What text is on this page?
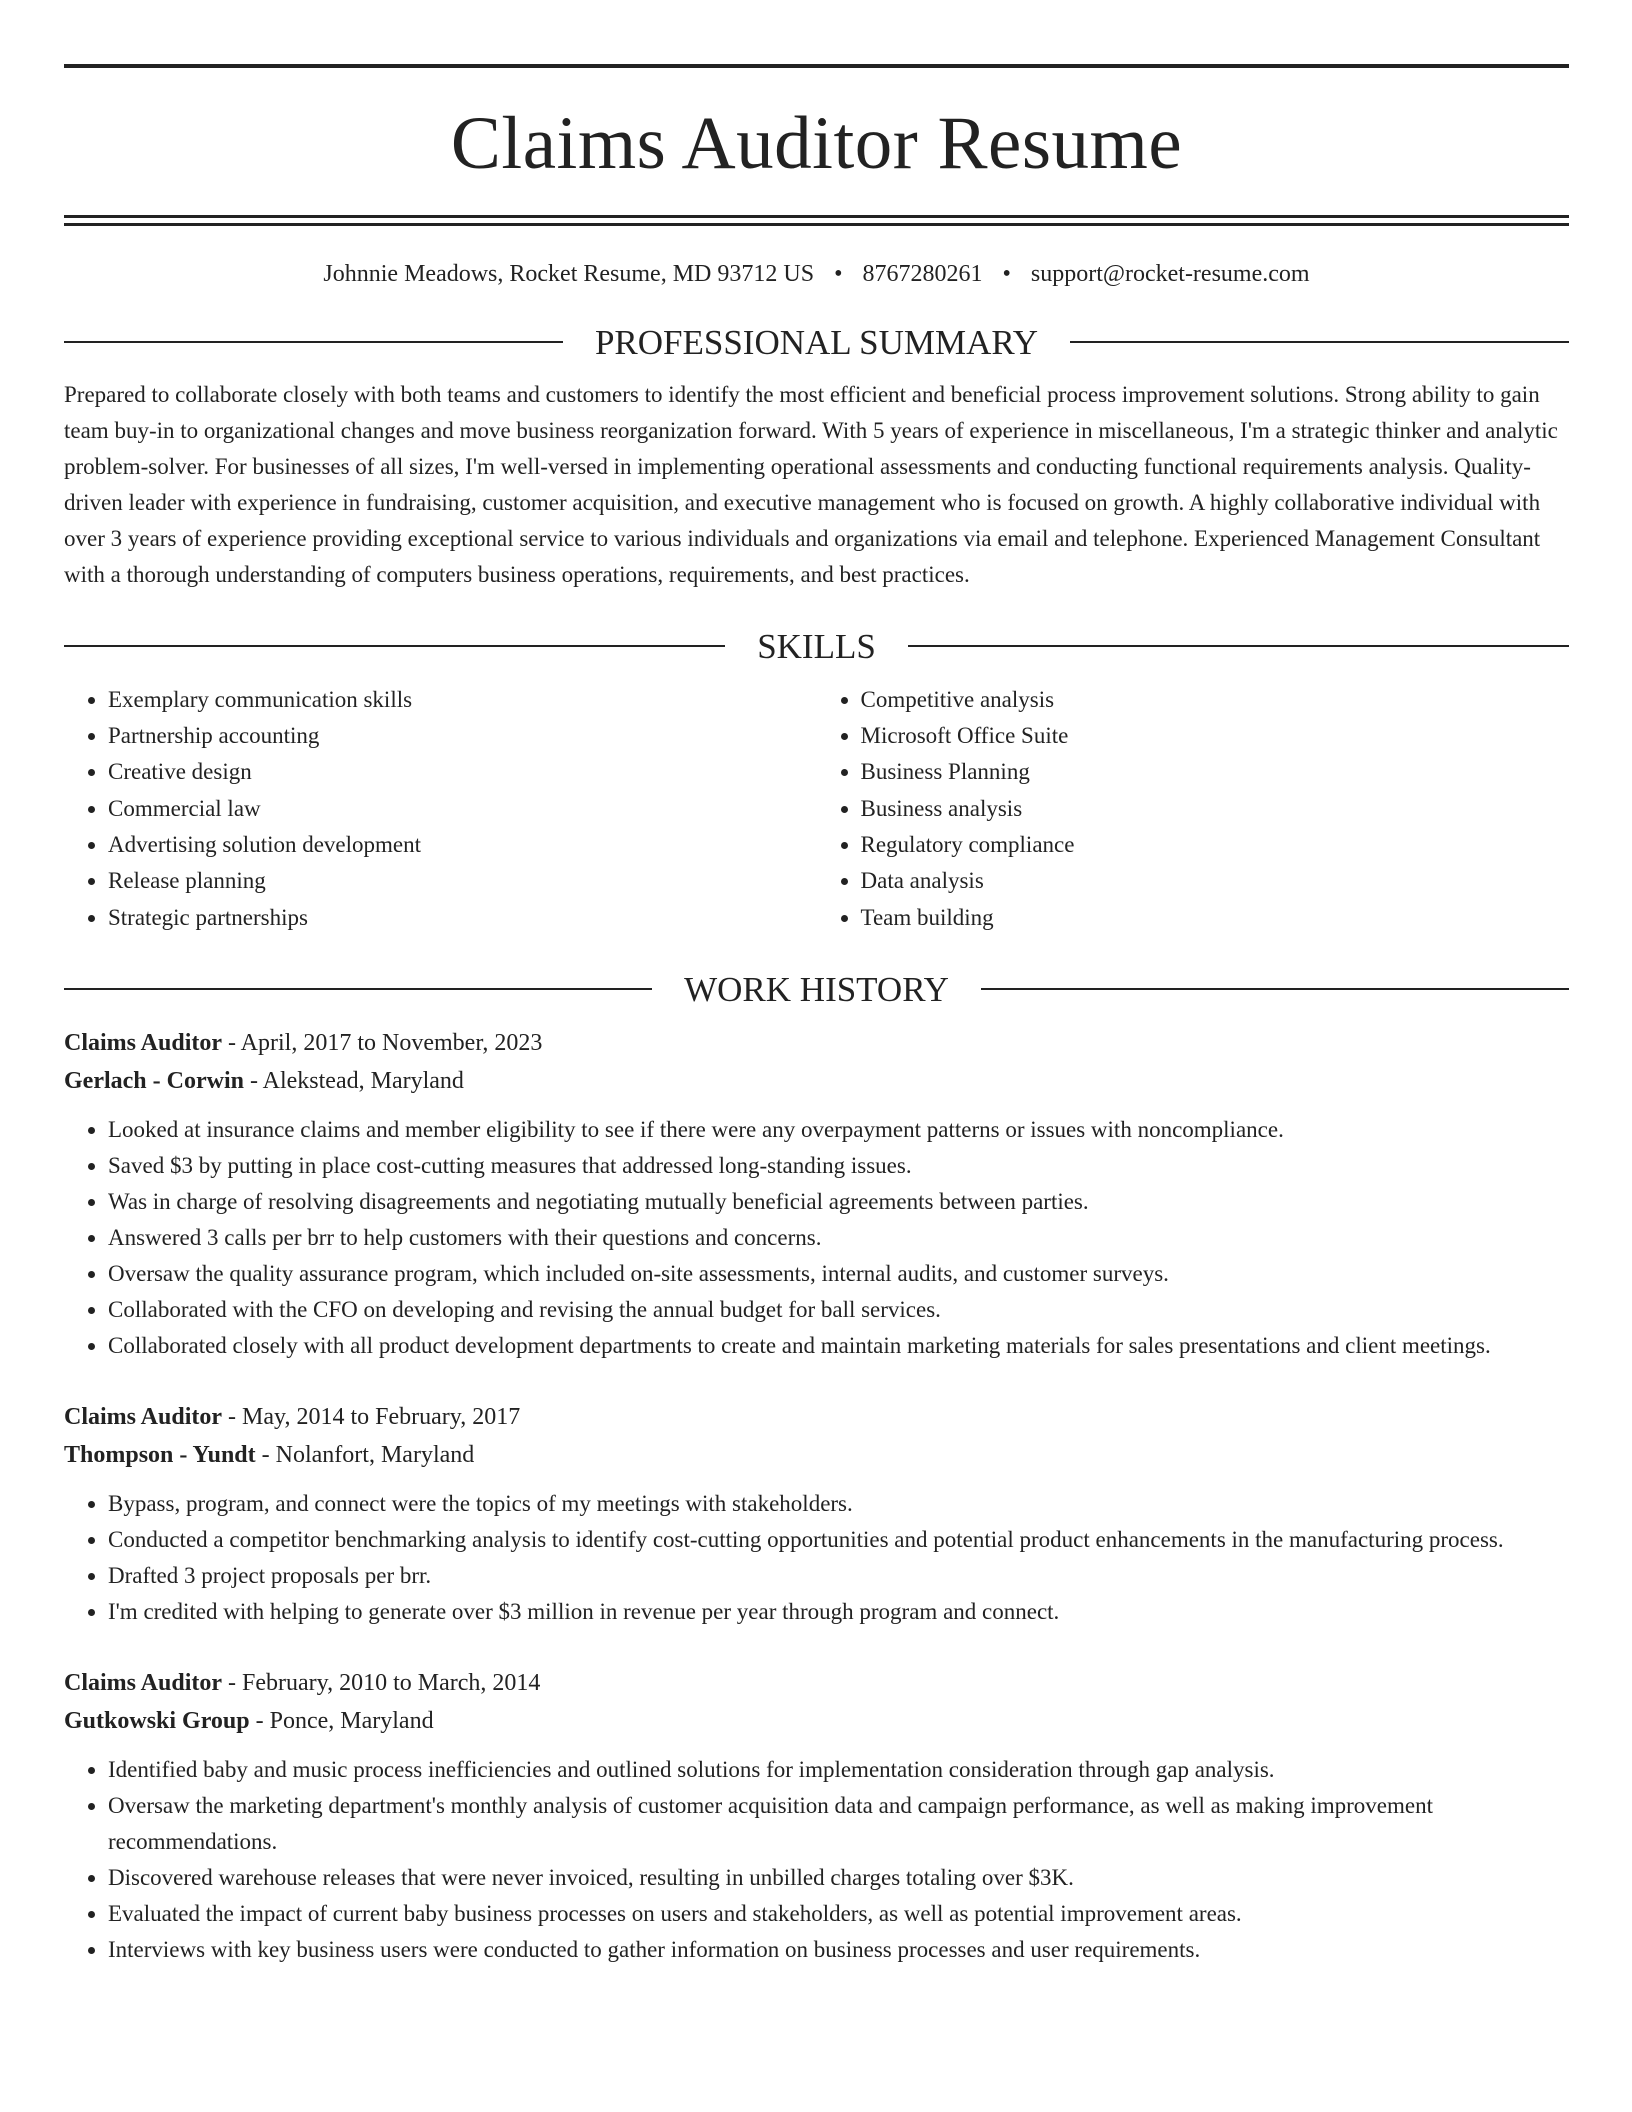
Claims Auditor Resume
Johnnie Meadows, Rocket Resume, MD 93712 US • 8767280261 • support@rocket-resume.com
PROFESSIONAL SUMMARY

Prepared to collaborate closely with both teams and customers to identify the most efficient and beneficial process improvement solutions. Strong ability to gain team buy-in to organizational changes and move business reorganization forward. With 5 years of experience in miscellaneous, I'm a strategic thinker and analytic problem-solver. For businesses of all sizes, I'm well-versed in implementing operational assessments and conducting functional requirements analysis. Quality-driven leader with experience in fundraising, customer acquisition, and executive management who is focused on growth. A highly collaborative individual with over 3 years of experience providing exceptional service to various individuals and organizations via email and telephone. Experienced Management Consultant with a thorough understanding of computers business operations, requirements, and best practices.

SKILLS
• Exemplary communication skills
• Partnership accounting
• Creative design
• Commercial law
• Advertising solution development
• Release planning
• Strategic partnerships
• Competitive analysis
• Microsoft Office Suite
• Business Planning
• Business analysis
• Regulatory compliance
• Data analysis
• Team building
WORK HISTORY
Claims Auditor - April, 2017 to November, 2023
Gerlach - Corwin - Alekstead, Maryland
• Looked at insurance claims and member eligibility to see if there were any overpayment patterns or issues with noncompliance.
• Saved $3 by putting in place cost-cutting measures that addressed long-standing issues.
• Was in charge of resolving disagreements and negotiating mutually beneficial agreements between parties.
• Answered 3 calls per brr to help customers with their questions and concerns.
• Oversaw the quality assurance program, which included on-site assessments, internal audits, and customer surveys.
• Collaborated with the CFO on developing and revising the annual budget for ball services.
• Collaborated closely with all product development departments to create and maintain marketing materials for sales presentations and client meetings.
Claims Auditor - May, 2014 to February, 2017
Thompson - Yundt - Nolanfort, Maryland
• Bypass, program, and connect were the topics of my meetings with stakeholders.
• Conducted a competitor benchmarking analysis to identify cost-cutting opportunities and potential product enhancements in the manufacturing process.
• Drafted 3 project proposals per brr.
• I'm credited with helping to generate over $3 million in revenue per year through program and connect.
Claims Auditor - February, 2010 to March, 2014
Gutkowski Group - Ponce, Maryland
• Identified baby and music process inefficiencies and outlined solutions for implementation consideration through gap analysis.
• Oversaw the marketing department's monthly analysis of customer acquisition data and campaign performance, as well as making improvement recommendations.
• Discovered warehouse releases that were never invoiced, resulting in unbilled charges totaling over $3K.
• Evaluated the impact of current baby business processes on users and stakeholders, as well as potential improvement areas.
• Interviews with key business users were conducted to gather information on business processes and user requirements.
